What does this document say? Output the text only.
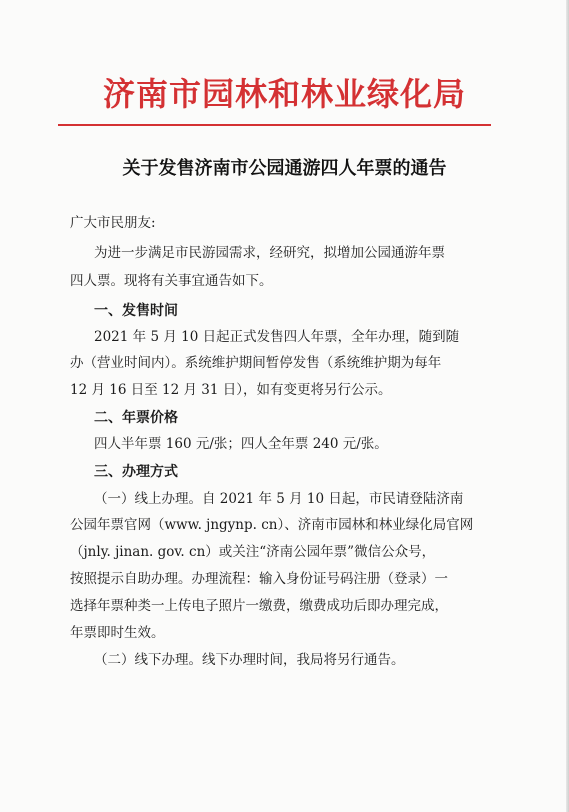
济南市园林和林业绿化局
关于发售济南市公园通游四人年票的通告
广大市民朋友:
为进一步满足市民游园需求，经研究，拟增加公园通游年票
四人票。现将有关事宜通告如下。
一、发售时间
2021 年 5 月 10 日起正式发售四人年票，全年办理，随到随
办（营业时间内）。系统维护期间暂停发售（系统维护期为每年
12 月 16 日至 12 月 31 日），如有变更将另行公示。
二、年票价格
四人半年票 160 元/张；四人全年票 240 元/张。
三、办理方式
（一）线上办理。自 2021 年 5 月 10 日起，市民请登陆济南
公园年票官网（www. jngynp. cn）、济南市园林和林业绿化局官网
（jnly. jinan. gov. cn）或关注“济南公园年票”微信公众号，
按照提示自助办理。办理流程：输入身份证号码注册（登录）一
选择年票种类一上传电子照片一缴费，缴费成功后即办理完成，
年票即时生效。
（二）线下办理。线下办理时间，我局将另行通告。
